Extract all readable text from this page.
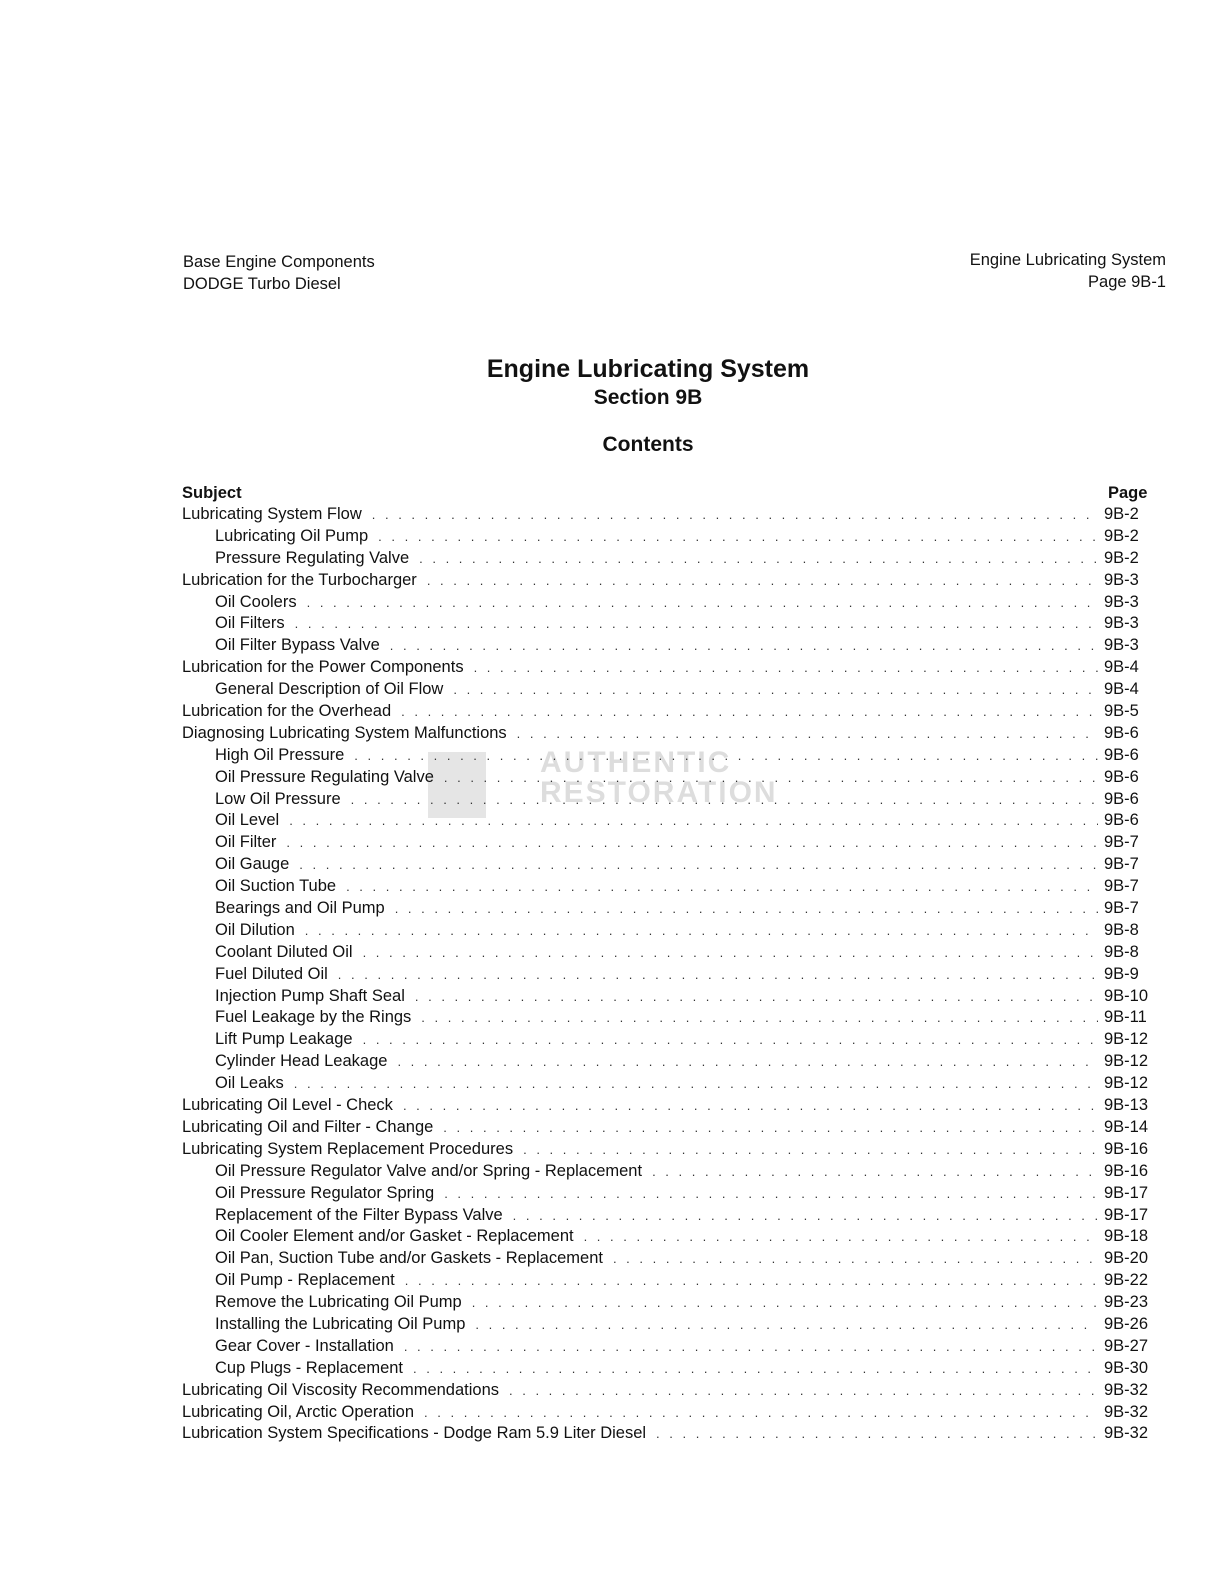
Base Engine Components
DODGE Turbo Diesel
Engine Lubricating System
Page 9B-1
Engine Lubricating System
Section 9B
Contents
AUTHENTIC
RESTORATION
Subject	Page
Lubricating System Flow . . .	9B-2
Lubricating Oil Pump . . .	9B-2
Pressure Regulating Valve . . .	9B-2
Lubrication for the Turbocharger . . .	9B-3
Oil Coolers . . .	9B-3
Oil Filters . . .	9B-3
Oil Filter Bypass Valve . . .	9B-3
Lubrication for the Power Components . . .	9B-4
General Description of Oil Flow . . .	9B-4
Lubrication for the Overhead . . .	9B-5
Diagnosing Lubricating System Malfunctions . . .	9B-6
High Oil Pressure . . .	9B-6
Oil Pressure Regulating Valve . . .	9B-6
Low Oil Pressure . . .	9B-6
Oil Level . . .	9B-6
Oil Filter . . .	9B-7
Oil Gauge . . .	9B-7
Oil Suction Tube . . .	9B-7
Bearings and Oil Pump . . .	9B-7
Oil Dilution . . .	9B-8
Coolant Diluted Oil . . .	9B-8
Fuel Diluted Oil . . .	9B-9
Injection Pump Shaft Seal . . .	9B-10
Fuel Leakage by the Rings . . .	9B-11
Lift Pump Leakage . . .	9B-12
Cylinder Head Leakage . . .	9B-12
Oil Leaks . . .	9B-12
Lubricating Oil Level - Check . . .	9B-13
Lubricating Oil and Filter - Change . . .	9B-14
Lubricating System Replacement Procedures . . .	9B-16
Oil Pressure Regulator Valve and/or Spring - Replacement . . .	9B-16
Oil Pressure Regulator Spring . . .	9B-17
Replacement of the Filter Bypass Valve . . .	9B-17
Oil Cooler Element and/or Gasket - Replacement . . .	9B-18
Oil Pan, Suction Tube and/or Gaskets - Replacement . . .	9B-20
Oil Pump - Replacement . . .	9B-22
Remove the Lubricating Oil Pump . . .	9B-23
Installing the Lubricating Oil Pump . . .	9B-26
Gear Cover - Installation . . .	9B-27
Cup Plugs - Replacement . . .	9B-30
Lubricating Oil Viscosity Recommendations . . .	9B-32
Lubricating Oil, Arctic Operation . . .	9B-32
Lubrication System Specifications - Dodge Ram 5.9 Liter Diesel . . .	9B-32
